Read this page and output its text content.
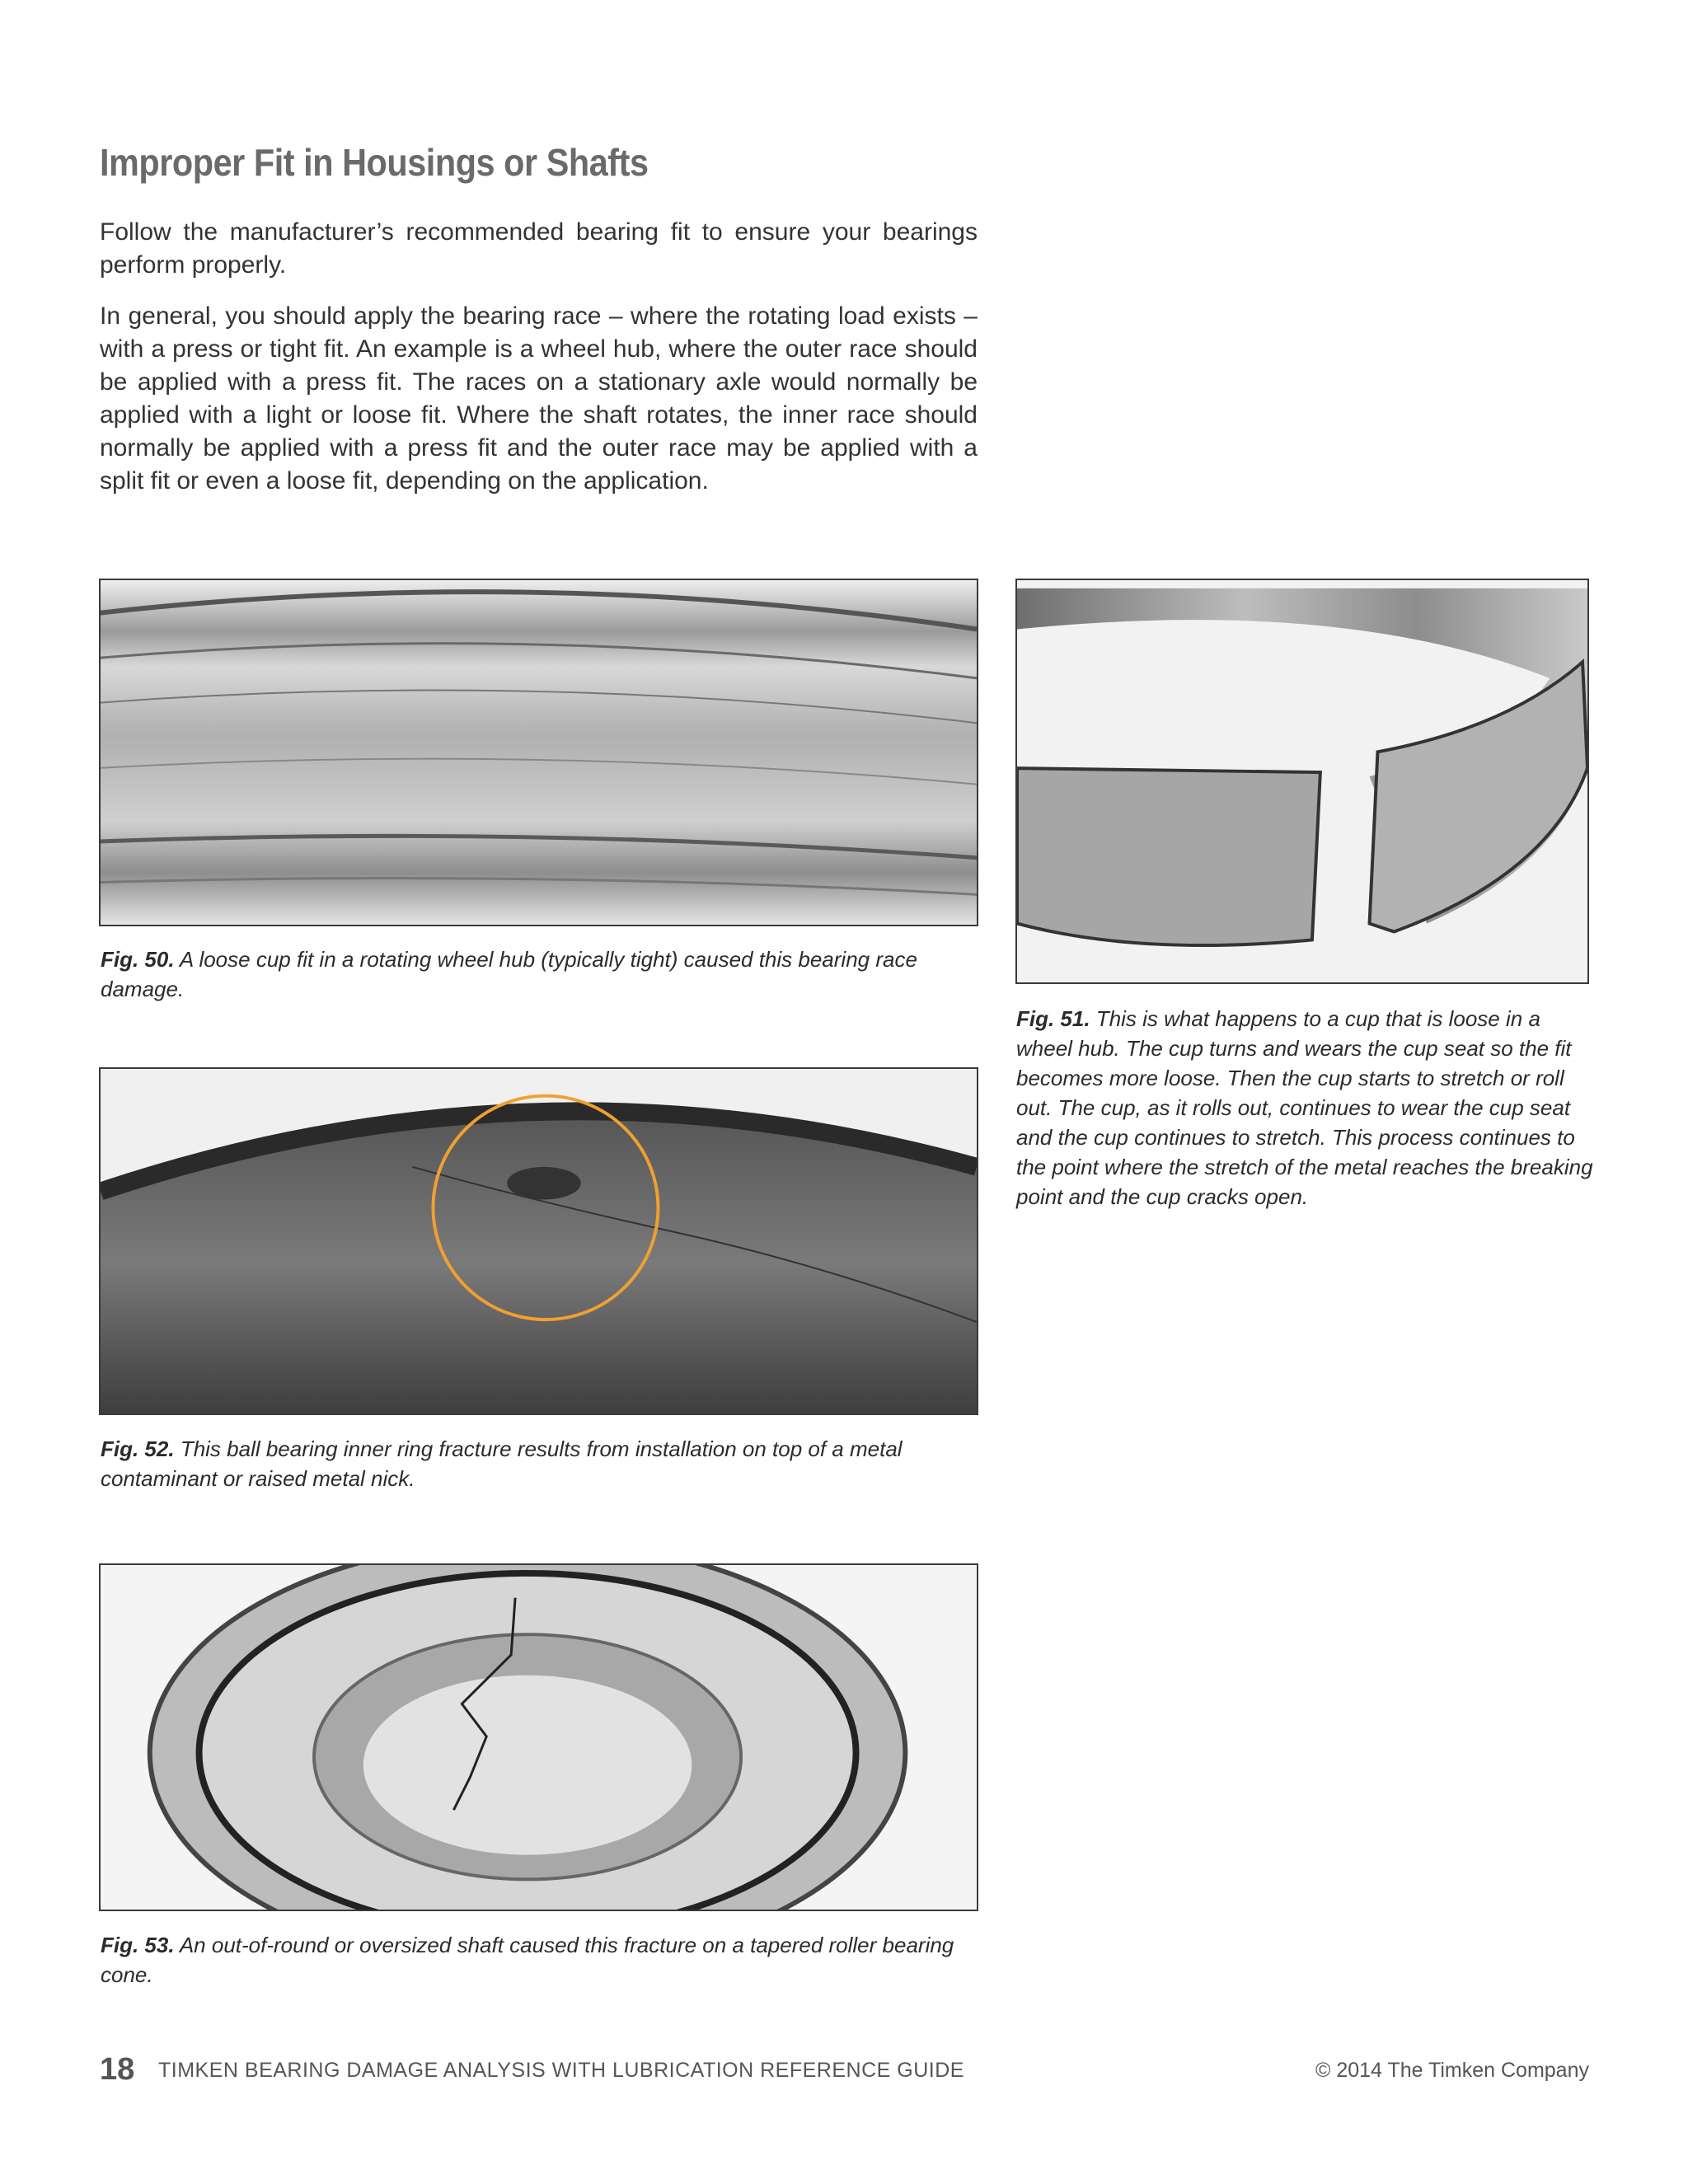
Improper Fit in Housings or Shafts

Follow the manufacturer’s recommended bearing fit to ensure your bearings perform properly.

In general, you should apply the bearing race – where the rotating load exists – with a press or tight fit. An example is a wheel hub, where the outer race should be applied with a press fit. The races on a stationary axle would normally be applied with a light or loose fit. Where the shaft rotates, the inner race should normally be applied with a press fit and the outer race may be applied with a split fit or even a loose fit, depending on the application.

Fig. 50. A loose cup fit in a rotating wheel hub (typically tight) caused this bearing race damage.

Fig. 51. This is what happens to a cup that is loose in a wheel hub. The cup turns and wears the cup seat so the fit becomes more loose. Then the cup starts to stretch or roll out. The cup, as it rolls out, continues to wear the cup seat and the cup continues to stretch. This process continues to the point where the stretch of the metal reaches the breaking point and the cup cracks open.

Fig. 52. This ball bearing inner ring fracture results from installation on top of a metal contaminant or raised metal nick.

Fig. 53. An out-of-round or oversized shaft caused this fracture on a tapered roller bearing cone.

18 TIMKEN BEARING DAMAGE ANALYSIS WITH LUBRICATION REFERENCE GUIDE	© 2014 The Timken Company
